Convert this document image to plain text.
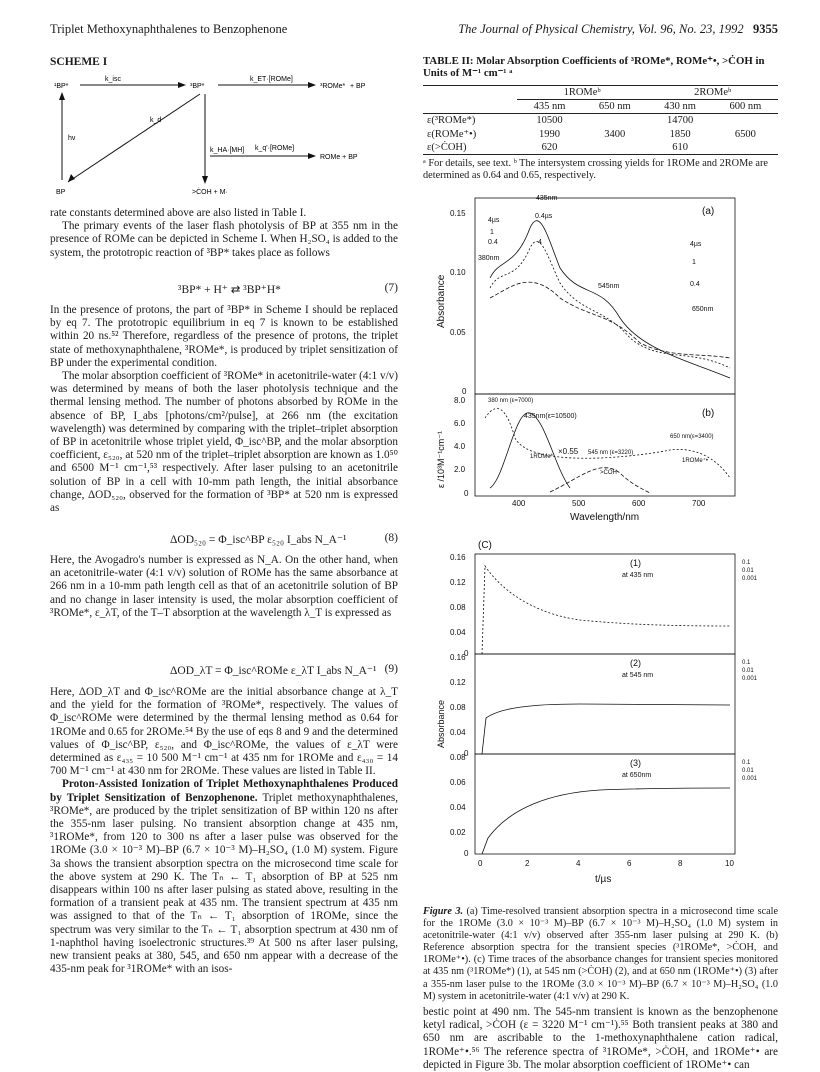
Triplet Methoxynaphthalenes to Benzophenone	The Journal of Physical Chemistry, Vol. 96, No. 23, 1992 9355
SCHEME I
¹BP*
k_isc
³BP*
k_ET·[ROMe]
³ROMe* + BP
hν
k_d
k_HA·[MH] k_q'·[ROMe]
ROMe + BP
BP	>ĊOH + M·

rate constants determined above are also listed in Table I.

The primary events of the laser flash photolysis of BP at 355 nm in the presence of ROMe can be depicted in Scheme I. When H₂SO₄ is added to the system, the prototropic reaction of ³BP* takes place as follows

³BP* + H⁺ ⇄ ³BP⁺H*	(7)

In the presence of protons, the part of ³BP* in Scheme I should be replaced by eq 7. The prototropic equilibrium in eq 7 is known to be established within 20 ns.⁵² Therefore, regardless of the presence of protons, the triplet state of methoxynaphthalene, ³ROMe*, is produced by triplet sensitization of BP under the experimental condition.

The molar absorption coefficient of ³ROMe* in acetonitrile-water (4:1 v/v) was determined by means of both the laser photolysis technique and the thermal lensing method. The number of photons absorbed by ROMe in the absence of BP, I_abs [photons/cm²/pulse], at 266 nm (the excitation wavelength) was determined by comparing with the triplet–triplet absorption of BP in acetonitrile whose triplet yield, Φ_isc^BP, and the molar absorption coefficient, ε₅₂₀, at 520 nm of the triplet–triplet absorption are known as 1.0⁵⁰ and 6500 M⁻¹ cm⁻¹,⁵³ respectively. After laser pulsing to an acetonitrile solution of BP in a cell with 10-mm path length, the initial absorbance change, ΔOD₅₂₀, observed for the formation of ³BP* at 520 nm is expressed as

ΔOD₅₂₀ = Φ_isc^BP ε₅₂₀ I_abs N_A⁻¹	(8)

Here, the Avogadro's number is expressed as N_A. On the other hand, when an acetonitrile-water (4:1 v/v) solution of ROMe has the same absorbance at 266 nm in a 10-mm path length cell as that of an acetonitrile solution of BP and no change in laser intensity is used, the molar absorption coefficient of ³ROMe*, ε_λT, of the T–T absorption at the wavelength λ_T is expressed as

ΔOD_λT = Φ_isc^ROMe ε_λT I_abs N_A⁻¹ (9)

Here, ΔOD_λT and Φ_isc^ROMe are the initial absorbance change at λ_T and the yield for the formation of ³ROMe*, respectively. The values of Φ_isc^ROMe were determined by the thermal lensing method as 0.64 for 1ROMe and 0.65 for 2ROMe.⁵⁴ By the use of eqs 8 and 9 and the determined values of Φ_isc^BP, ε₅₂₀, and Φ_isc^ROMe, the values of ε_λT were determined as ε₄₃₅ = 10 500 M⁻¹ cm⁻¹ at 435 nm for 1ROMe and ε₄₃₀ = 14 700 M⁻¹ cm⁻¹ at 430 nm for 2ROMe. These values are listed in Table II.

Proton-Assisted Ionization of Triplet Methoxynaphthalenes Produced by Triplet Sensitization of Benzophenone. Triplet methoxynaphthalenes, ³ROMe*, are produced by the triplet sensitization of BP within 120 ns after the 355-nm laser pulsing. No transient absorption change at 435 nm, ³1ROMe*, from 120 to 300 ns after a laser pulse was observed for the 1ROMe (3.0 × 10⁻³ M)–BP (6.7 × 10⁻³ M)–H₂SO₄ (1.0 M) system. Figure 3a shows the transient absorption spectra on the microsecond time scale for the above system at 290 K. The Tₙ ← T₁ absorption of BP at 525 nm disappears within 100 ns after laser pulsing as stated above, resulting in the formation of a transient peak at 435 nm. The transient spectrum at 435 nm was assigned to that of the Tₙ ← T₁ absorption of 1ROMe, since the spectrum was very similar to the Tₙ ← T₁ absorption spectrum at 430 nm of 1-naphthol having isoelectronic structures.³⁹ At 500 ns after laser pulsing, new transient peaks at 380, 545, and 650 nm appear with a decrease of the 435-nm peak for ³1ROMe* with an isos-

TABLE II: Molar Absorption Coefficients of ³ROMe*, ROMe⁺•, >ĊOH in Units of M⁻¹ cm⁻¹ ᵃ
	1ROMeᵇ		2ROMeᵇ	
	435 nm	650 nm	430 nm	600 nm
ε(³ROMe*)	10500		14700	
ε(ROMe⁺•)	1990	3400	1850	6500
ε(>ĊOH)	620		610	
ᵃ For details, see text. ᵇ The intersystem crossing yields for 1ROMe and 2ROMe are determined as 0.64 and 0.65, respectively.
(a)
0.15
0.10
0.05
0
Absorbance
435nm
4µs
0.4µs
1
0.4	4
380nm
545nm
4µs
1
0.4
650nm
(b)
8.0
6.0
4.0
2.0
0
ε /10³M⁻¹cm⁻¹
400	500	600	700
Wavelength/nm
380 nm (ε=7000)
435nm(ε=10500)
650 nm(ε=3400)
×0.55 545 nm (ε=3220)
1ROMe*
>ĊOH
1ROMe⁺•
(C)
0.16
0.12
0.08
0.04
0
(1)
at 435 nm
0.1
0.01
0.001
0.16
0.12
0.08
0.04
0
Absorbance
(2)
at 545 nm
0.1
0.01
0.001
0.08
0.06
0.04
0.02
0
(3)
at 650nm
0.1
0.01
0.001
0	2	4	6	8	10
t/µs
Figure 3. (a) Time-resolved transient absorption spectra in a microsecond time scale for the 1ROMe (3.0 × 10⁻³ M)–BP (6.7 × 10⁻³ M)–H₂SO₄ (1.0 M) system in acetonitrile-water (4:1 v/v) observed after 355-nm laser pulsing at 290 K. (b) Reference absorption spectra for the transient species (³1ROMe*, >ĊOH, and 1ROMe⁺•). (c) Time traces of the absorbance changes for transient species monitored at 435 nm (³1ROMe*) (1), at 545 nm (>ĊOH) (2), and at 650 nm (1ROMe⁺•) (3) after a 355-nm laser pulse to the 1ROMe (3.0 × 10⁻³ M)–BP (6.7 × 10⁻³ M)–H₂SO₄ (1.0 M) system in acetonitrile-water (4:1 v/v) at 290 K.

bestic point at 490 nm. The 545-nm transient is known as the benzophenone ketyl radical, >ĊOH (ε = 3220 M⁻¹ cm⁻¹).⁵⁵ Both transient peaks at 380 and 650 nm are ascribable to the 1-methoxynaphthalene cation radical, 1ROMe⁺•.⁵⁶ The reference spectra of ³1ROMe*, >ĊOH, and 1ROMe⁺• are depicted in Figure 3b. The molar absorption coefficient of 1ROMe⁺• can
